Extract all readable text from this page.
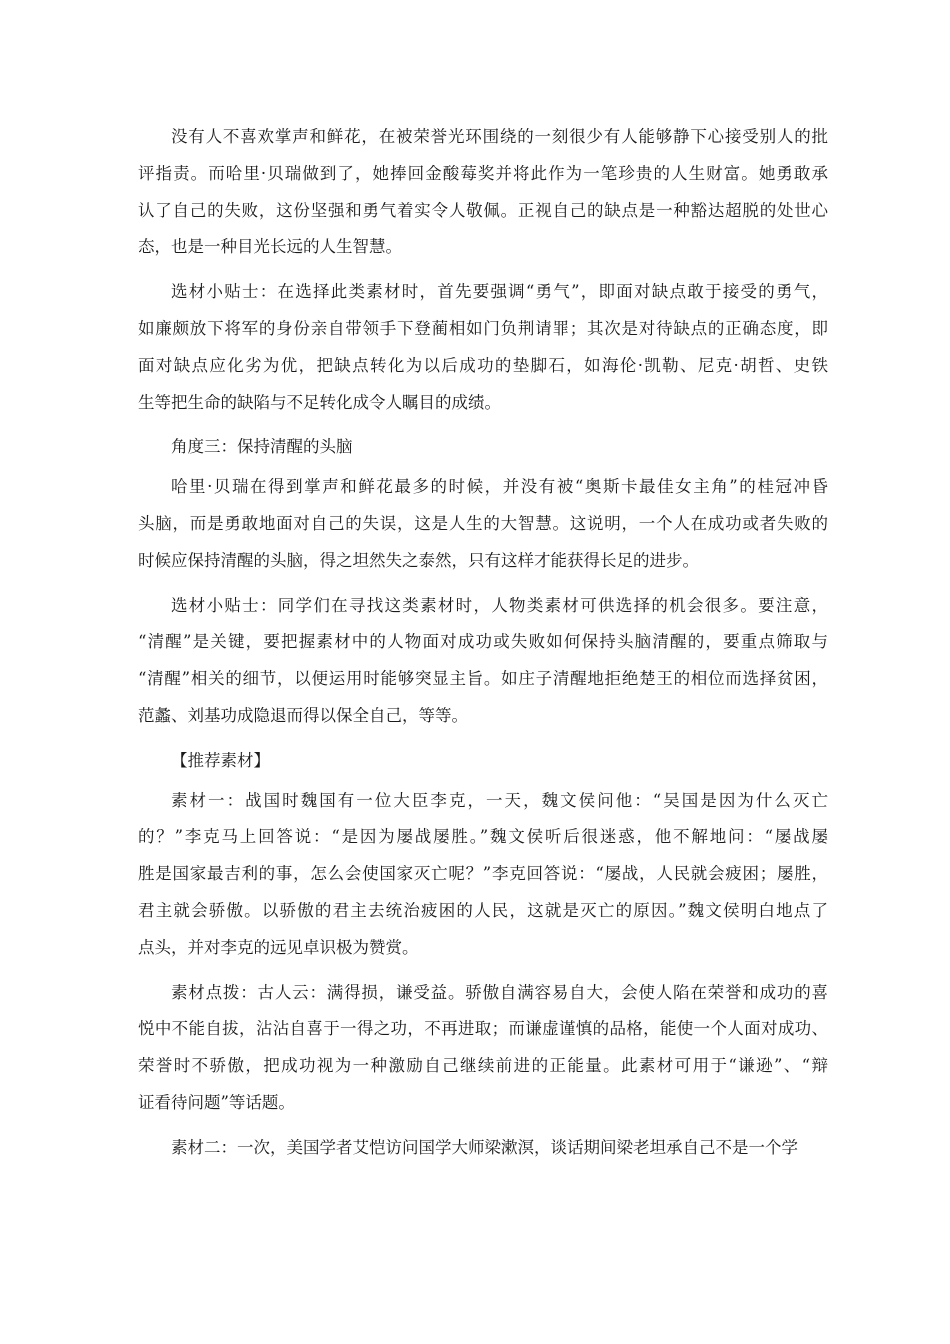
没有人不喜欢掌声和鲜花，在被荣誉光环围绕的一刻很少有人能够静下心接受别人的批
评指责。而哈里·贝瑞做到了，她捧回金酸莓奖并将此作为一笔珍贵的人生财富。她勇敢承
认了自己的失败，这份坚强和勇气着实令人敬佩。正视自己的缺点是一种豁达超脱的处世心
态，也是一种目光长远的人生智慧。
选材小贴士：在选择此类素材时，首先要强调“勇气”，即面对缺点敢于接受的勇气，
如廉颇放下将军的身份亲自带领手下登蔺相如门负荆请罪；其次是对待缺点的正确态度，即
面对缺点应化劣为优，把缺点转化为以后成功的垫脚石，如海伦·凯勒、尼克·胡哲、史铁
生等把生命的缺陷与不足转化成令人瞩目的成绩。
角度三：保持清醒的头脑
哈里·贝瑞在得到掌声和鲜花最多的时候，并没有被“奥斯卡最佳女主角”的桂冠冲昏
头脑，而是勇敢地面对自己的失误，这是人生的大智慧。这说明，一个人在成功或者失败的
时候应保持清醒的头脑，得之坦然失之泰然，只有这样才能获得长足的进步。
选材小贴士：同学们在寻找这类素材时，人物类素材可供选择的机会很多。要注意，
“清醒”是关键，要把握素材中的人物面对成功或失败如何保持头脑清醒的，要重点筛取与
“清醒”相关的细节，以便运用时能够突显主旨。如庄子清醒地拒绝楚王的相位而选择贫困，
范蠡、刘基功成隐退而得以保全自己，等等。
【推荐素材】
素材一：战国时魏国有一位大臣李克，一天，魏文侯问他：“吴国是因为什么灭亡
的？”李克马上回答说：“是因为屡战屡胜。”魏文侯听后很迷惑，他不解地问：“屡战屡
胜是国家最吉利的事，怎么会使国家灭亡呢？”李克回答说：“屡战，人民就会疲困；屡胜，
君主就会骄傲。以骄傲的君主去统治疲困的人民，这就是灭亡的原因。”魏文侯明白地点了
点头，并对李克的远见卓识极为赞赏。
素材点拨：古人云：满得损，谦受益。骄傲自满容易自大，会使人陷在荣誉和成功的喜
悦中不能自拔，沾沾自喜于一得之功，不再进取；而谦虚谨慎的品格，能使一个人面对成功、
荣誉时不骄傲，把成功视为一种激励自己继续前进的正能量。此素材可用于“谦逊”、“辩
证看待问题”等话题。
素材二：一次，美国学者艾恺访问国学大师梁漱溟，谈话期间梁老坦承自己不是一个学
